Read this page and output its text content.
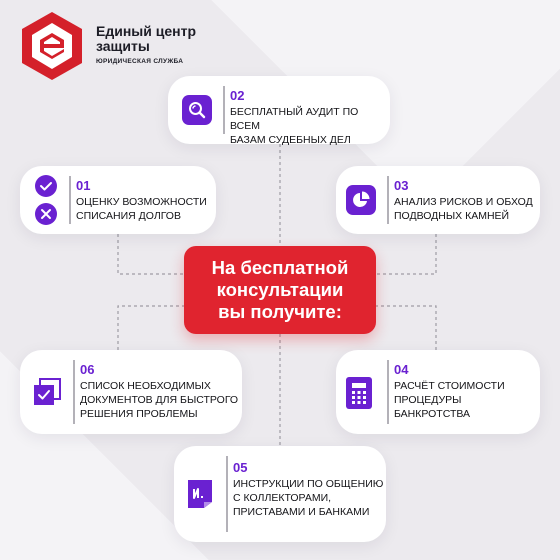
Единый центр защиты
ЮРИДИЧЕСКАЯ СЛУЖБА
02
БЕСПЛАТНЫЙ АУДИТ ПО ВСЕМ
БАЗАМ СУДЕБНЫХ ДЕЛ
01
ОЦЕНКУ ВОЗМОЖНОСТИ
СПИСАНИЯ ДОЛГОВ
03
АНАЛИЗ РИСКОВ И ОБХОД
ПОДВОДНЫХ КАМНЕЙ
На бесплатной
консультации
вы получите:
06
СПИСОК НЕОБХОДИМЫХ
ДОКУМЕНТОВ ДЛЯ БЫСТРОГО
РЕШЕНИЯ ПРОБЛЕМЫ
04
РАСЧЁТ СТОИМОСТИ
ПРОЦЕДУРЫ
БАНКРОТСТВА
05
ИНСТРУКЦИИ ПО ОБЩЕНИЮ
С КОЛЛЕКТОРАМИ,
ПРИСТАВАМИ И БАНКАМИ
